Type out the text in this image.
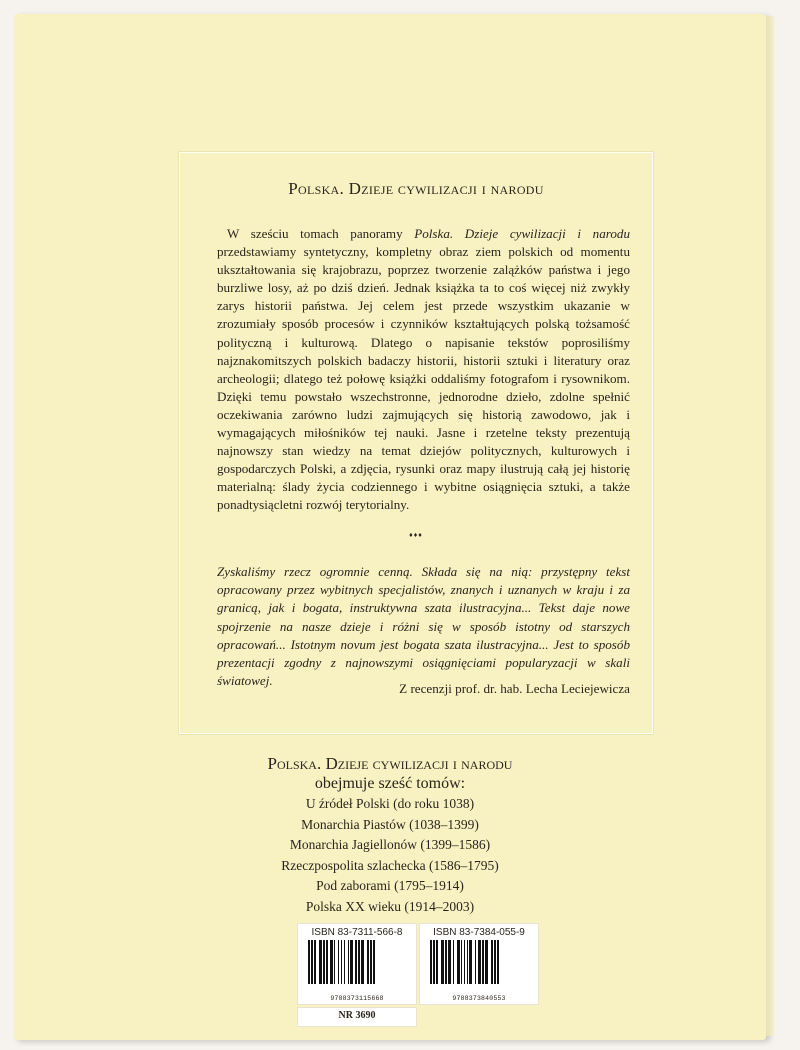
Polska. Dzieje cywilizacji i narodu

W sześciu tomach panoramy Polska. Dzieje cywilizacji i narodu przedstawiamy syntetyczny, kompletny obraz ziem polskich od momentu ukształtowania się krajobrazu, poprzez tworzenie zalążków państwa i jego burzliwe losy, aż po dziś dzień. Jednak książka ta to coś więcej niż zwykły zarys historii państwa. Jej celem jest przede wszystkim ukazanie w zrozumiały sposób procesów i czynników kształtujących polską tożsamość polityczną i kulturową. Dlatego o napisanie tekstów poprosiliśmy najznakomitszych polskich badaczy historii, historii sztuki i literatury oraz archeologii; dlatego też połowę książki oddaliśmy fotografom i rysownikom. Dzięki temu powstało wszechstronne, jednorodne dzieło, zdolne spełnić oczekiwania zarówno ludzi zajmujących się historią zawodowo, jak i wymagających miłośników tej nauki. Jasne i rzetelne teksty prezentują najnowszy stan wiedzy na temat dziejów politycznych, kulturowych i gospodarczych Polski, a zdjęcia, rysunki oraz mapy ilustrują całą jej historię materialną: ślady życia codziennego i wybitne osiągnięcia sztuki, a także ponadtysiącletni rozwój terytorialny.

♦♦♦

Zyskaliśmy rzecz ogromnie cenną. Składa się na nią: przystępny tekst opracowany przez wybitnych specjalistów, znanych i uznanych w kraju i za granicą, jak i bogata, instruktywna szata ilustracyjna... Tekst daje nowe spojrzenie na nasze dzieje i różni się w sposób istotny od starszych opracowań... Istotnym novum jest bogata szata ilustracyjna... Jest to sposób prezentacji zgodny z najnowszymi osiągnięciami popularyzacji w skali światowej.

Z recenzji prof. dr. hab. Lecha Leciejewicza
Polska. Dzieje cywilizacji i narodu
obejmuje sześć tomów:
U źródeł Polski (do roku 1038)
Monarchia Piastów (1038–1399)
Monarchia Jagiellonów (1399–1586)
Rzeczpospolita szlachecka (1586–1795)
Pod zaborami (1795–1914)
Polska XX wieku (1914–2003)
ISBN 83-7311-566-8
9788373115668
ISBN 83-7384-055-9
9788373840553
NR 3690
